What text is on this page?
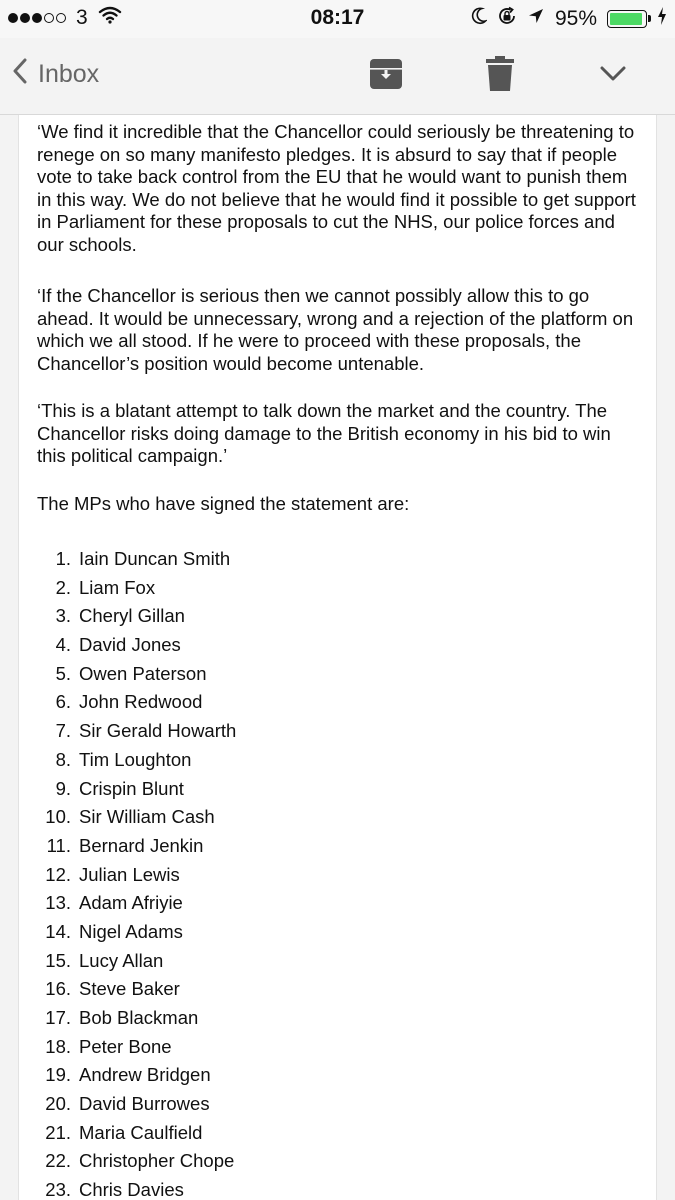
3	08:17	95%
Inbox

‘We find it incredible that the Chancellor could seriously be threatening to renege on so many manifesto pledges. It is absurd to say that if people vote to take back control from the EU that he would want to punish them in this way. We do not believe that he would find it possible to get support in Parliament for these proposals to cut the NHS, our police forces and our schools.

‘If the Chancellor is serious then we cannot possibly allow this to go ahead. It would be unnecessary, wrong and a rejection of the platform on which we all stood. If he were to proceed with these proposals, the Chancellor’s position would become untenable.

‘This is a blatant attempt to talk down the market and the country. The Chancellor risks doing damage to the British economy in his bid to win this political campaign.’

The MPs who have signed the statement are:

1. Iain Duncan Smith
2. Liam Fox
3. Cheryl Gillan
4. David Jones
5. Owen Paterson
6. John Redwood
7. Sir Gerald Howarth
8. Tim Loughton
9. Crispin Blunt
10. Sir William Cash
11. Bernard Jenkin
12. Julian Lewis
13. Adam Afriyie
14. Nigel Adams
15. Lucy Allan
16. Steve Baker
17. Bob Blackman
18. Peter Bone
19. Andrew Bridgen
20. David Burrowes
21. Maria Caulfield
22. Christopher Chope
23. Chris Davies
